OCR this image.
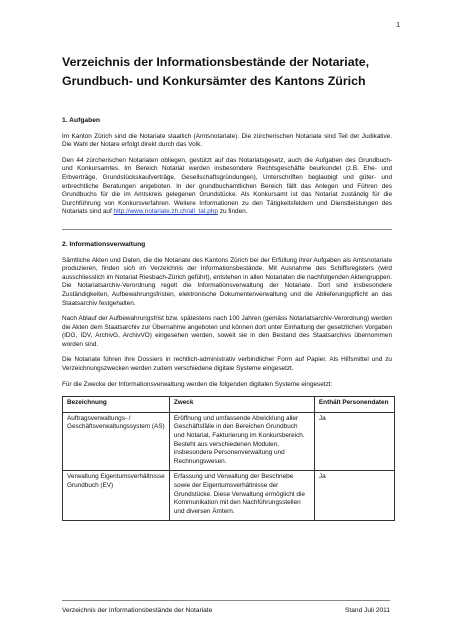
1
Verzeichnis der Informationsbestände der Notariate, Grundbuch- und Konkursämter des Kantons Zürich
1. Aufgaben

Im Kanton Zürich sind die Notariate staatlich (Amtsnotariate). Die zürcherischen Notariate sind Teil der Judikative. Die Wahl der Notare erfolgt direkt durch das Volk.

Den 44 zürcherischen Notariaten obliegen, gestützt auf das Notariatsgesetz, auch die Aufgaben des Grundbuch- und Konkursamtes. Im Bereich Notariat werden insbesondere Rechtsgeschäfte beurkundet (z.B. Ehe- und Erbverträge, Grundstückskaufverträge, Gesellschaftsgründungen), Unterschriften beglaubigt und güter- und erbrechtliche Beratungen angeboten. In der grundbuchamtlichen Bereich fällt das Anlegen und Führen des Grundbuchs für die im Amtskreis gelegenen Grundstücke. Als Konkursamt ist das Notariat zuständig für die Durchführung von Konkursverfahren. Weitere Informationen zu den Tätigkeitsfeldern und Dienstleistungen des Notariats sind auf http://www.notariate.zh.ch/all_tat.php zu finden.

2. Informationsverwaltung

Sämtliche Akten und Daten, die die Notariate des Kantons Zürich bei der Erfüllung ihrer Aufgaben als Amtsnotariate produzieren, finden sich im Verzeichnis der Informationsbestände. Mit Ausnahme des Schiffsregisters (wird ausschliesslich im Notariat Riesbach-Zürich geführt), entstehen in allen Notariaten die nachfolgenden Aktengruppen. Die Notariatsarchiv-Verordnung regelt die Informationsverwaltung der Notariate. Dort sind insbesondere Zuständigkeiten, Aufbewahrungsfristen, elektronische Dokumentenverwaltung und die Ablieferungspflicht an das Staatsarchiv festgehalten.

Nach Ablauf der Aufbewahrungsfrist bzw. spätestens nach 100 Jahren (gemäss Notariatsarchiv-Verordnung) werden die Akten dem Staatsarchiv zur Übernahme angeboten und können dort unter Einhaltung der gesetzlichen Vorgaben (IDG, IDV, ArchivG, ArchivVO) eingesehen werden, soweit sie in den Bestand des Staatsarchivs übernommen worden sind.

Die Notariate führen ihre Dossiers in rechtlich-administrativ verbindlicher Form auf Papier. Als Hilfsmittel und zu Verzeichnungszwecken werden zudem verschiedene digitale Systeme eingesetzt.

Für die Zwecke der Informationsverwaltung werden die folgenden digitalen Systeme eingesetzt:

Bezeichnung	Zweck	Enthält Personendaten
Auftragsverwaltungs- / Geschäftsverwaltungssystem (AS)	Eröffnung und umfassende Abwicklung aller Geschäftsfälle in den Bereichen Grundbuch und Notariat, Fakturierung im Konkursbereich. Besteht aus verschiedenen Modulen, insbesondere Personenverwaltung und Rechnungswesen.	Ja
Verwaltung Eigentumsverhältnisse Grundbuch (EV)	Erfassung und Verwaltung der Beschriebe sowie der Eigentumsverhältnisse der Grundstücke. Diese Verwaltung ermöglicht die Kommunikation mit den Nachführungsstellen und diversen Ämtern.	Ja
Verzeichnis der Informationsbestände der Notariate	Stand Juli 2011
